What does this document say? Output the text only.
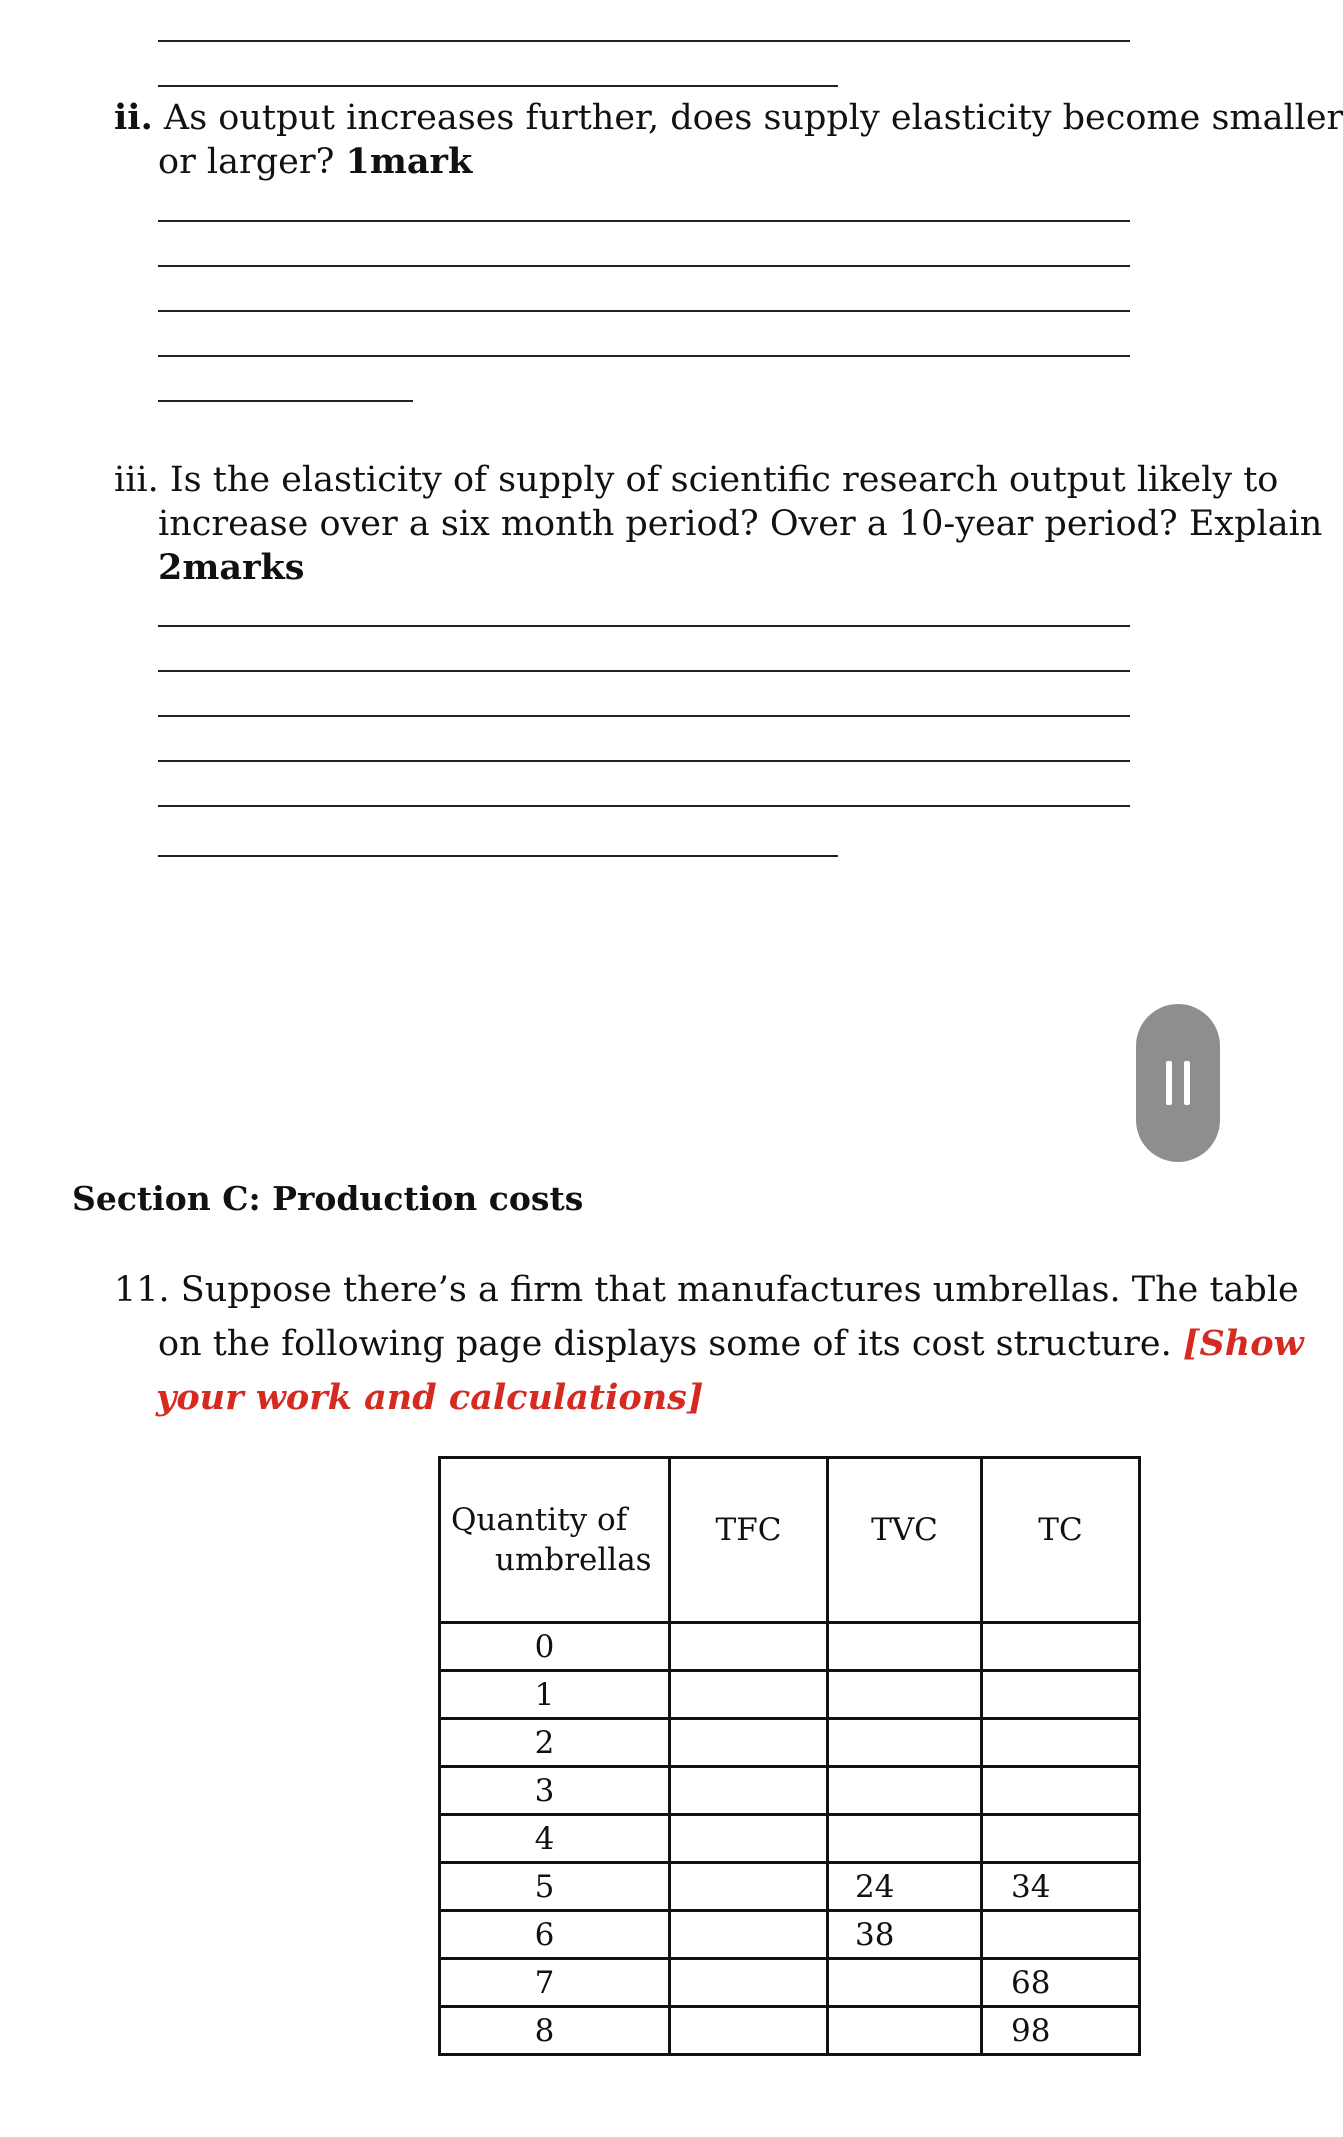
ii. As output increases further, does supply elasticity become smaller

or larger? 1mark

iii. Is the elasticity of supply of scientific research output likely to

increase over a six month period? Over a 10-year period? Explain

2marks

Section C: Production costs

11. Suppose there’s a firm that manufactures umbrellas. The table

on the following page displays some of its cost structure. [Show

your work and calculations]

Quantity of
umbrellas	TFC	TVC	TC
0			
1			
2			
3			
4			
5		24	34
6		38	
7			68
8			98
